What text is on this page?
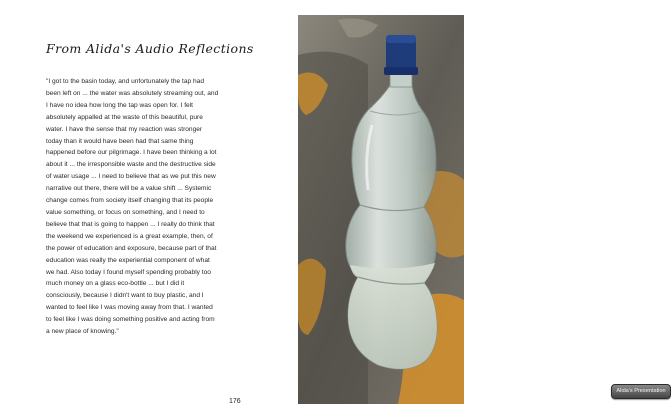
From Alida's Audio Reflections
"I got to the basin today, and unfortunately the tap had
been left on ... the water was absolutely streaming out, and
I have no idea how long the tap was open for. I felt
absolutely appalled at the waste of this beautiful, pure
water. I have the sense that my reaction was stronger
today than it would have been had that same thing
happened before our pilgrimage. I have been thinking a lot
about it ... the irresponsible waste and the destructive side
of water usage ... I need to believe that as we put this new
narrative out there, there will be a value shift ... Systemic
change comes from society itself changing that its people
value something, or focus on something, and I need to
believe that that is going to happen ... I really do think that
the weekend we experienced is a great example, then, of
the power of education and exposure, because part of that
education was really the experiential component of what
we had. Also today I found myself spending probably too
much money on a glass eco-bottle ... but I did it
consciously, because I didn't want to buy plastic, and I
wanted to feel like I was moving away from that. I wanted
to feel like I was doing something positive and acting from
a new place of knowing."
Alida's Presentation
176
